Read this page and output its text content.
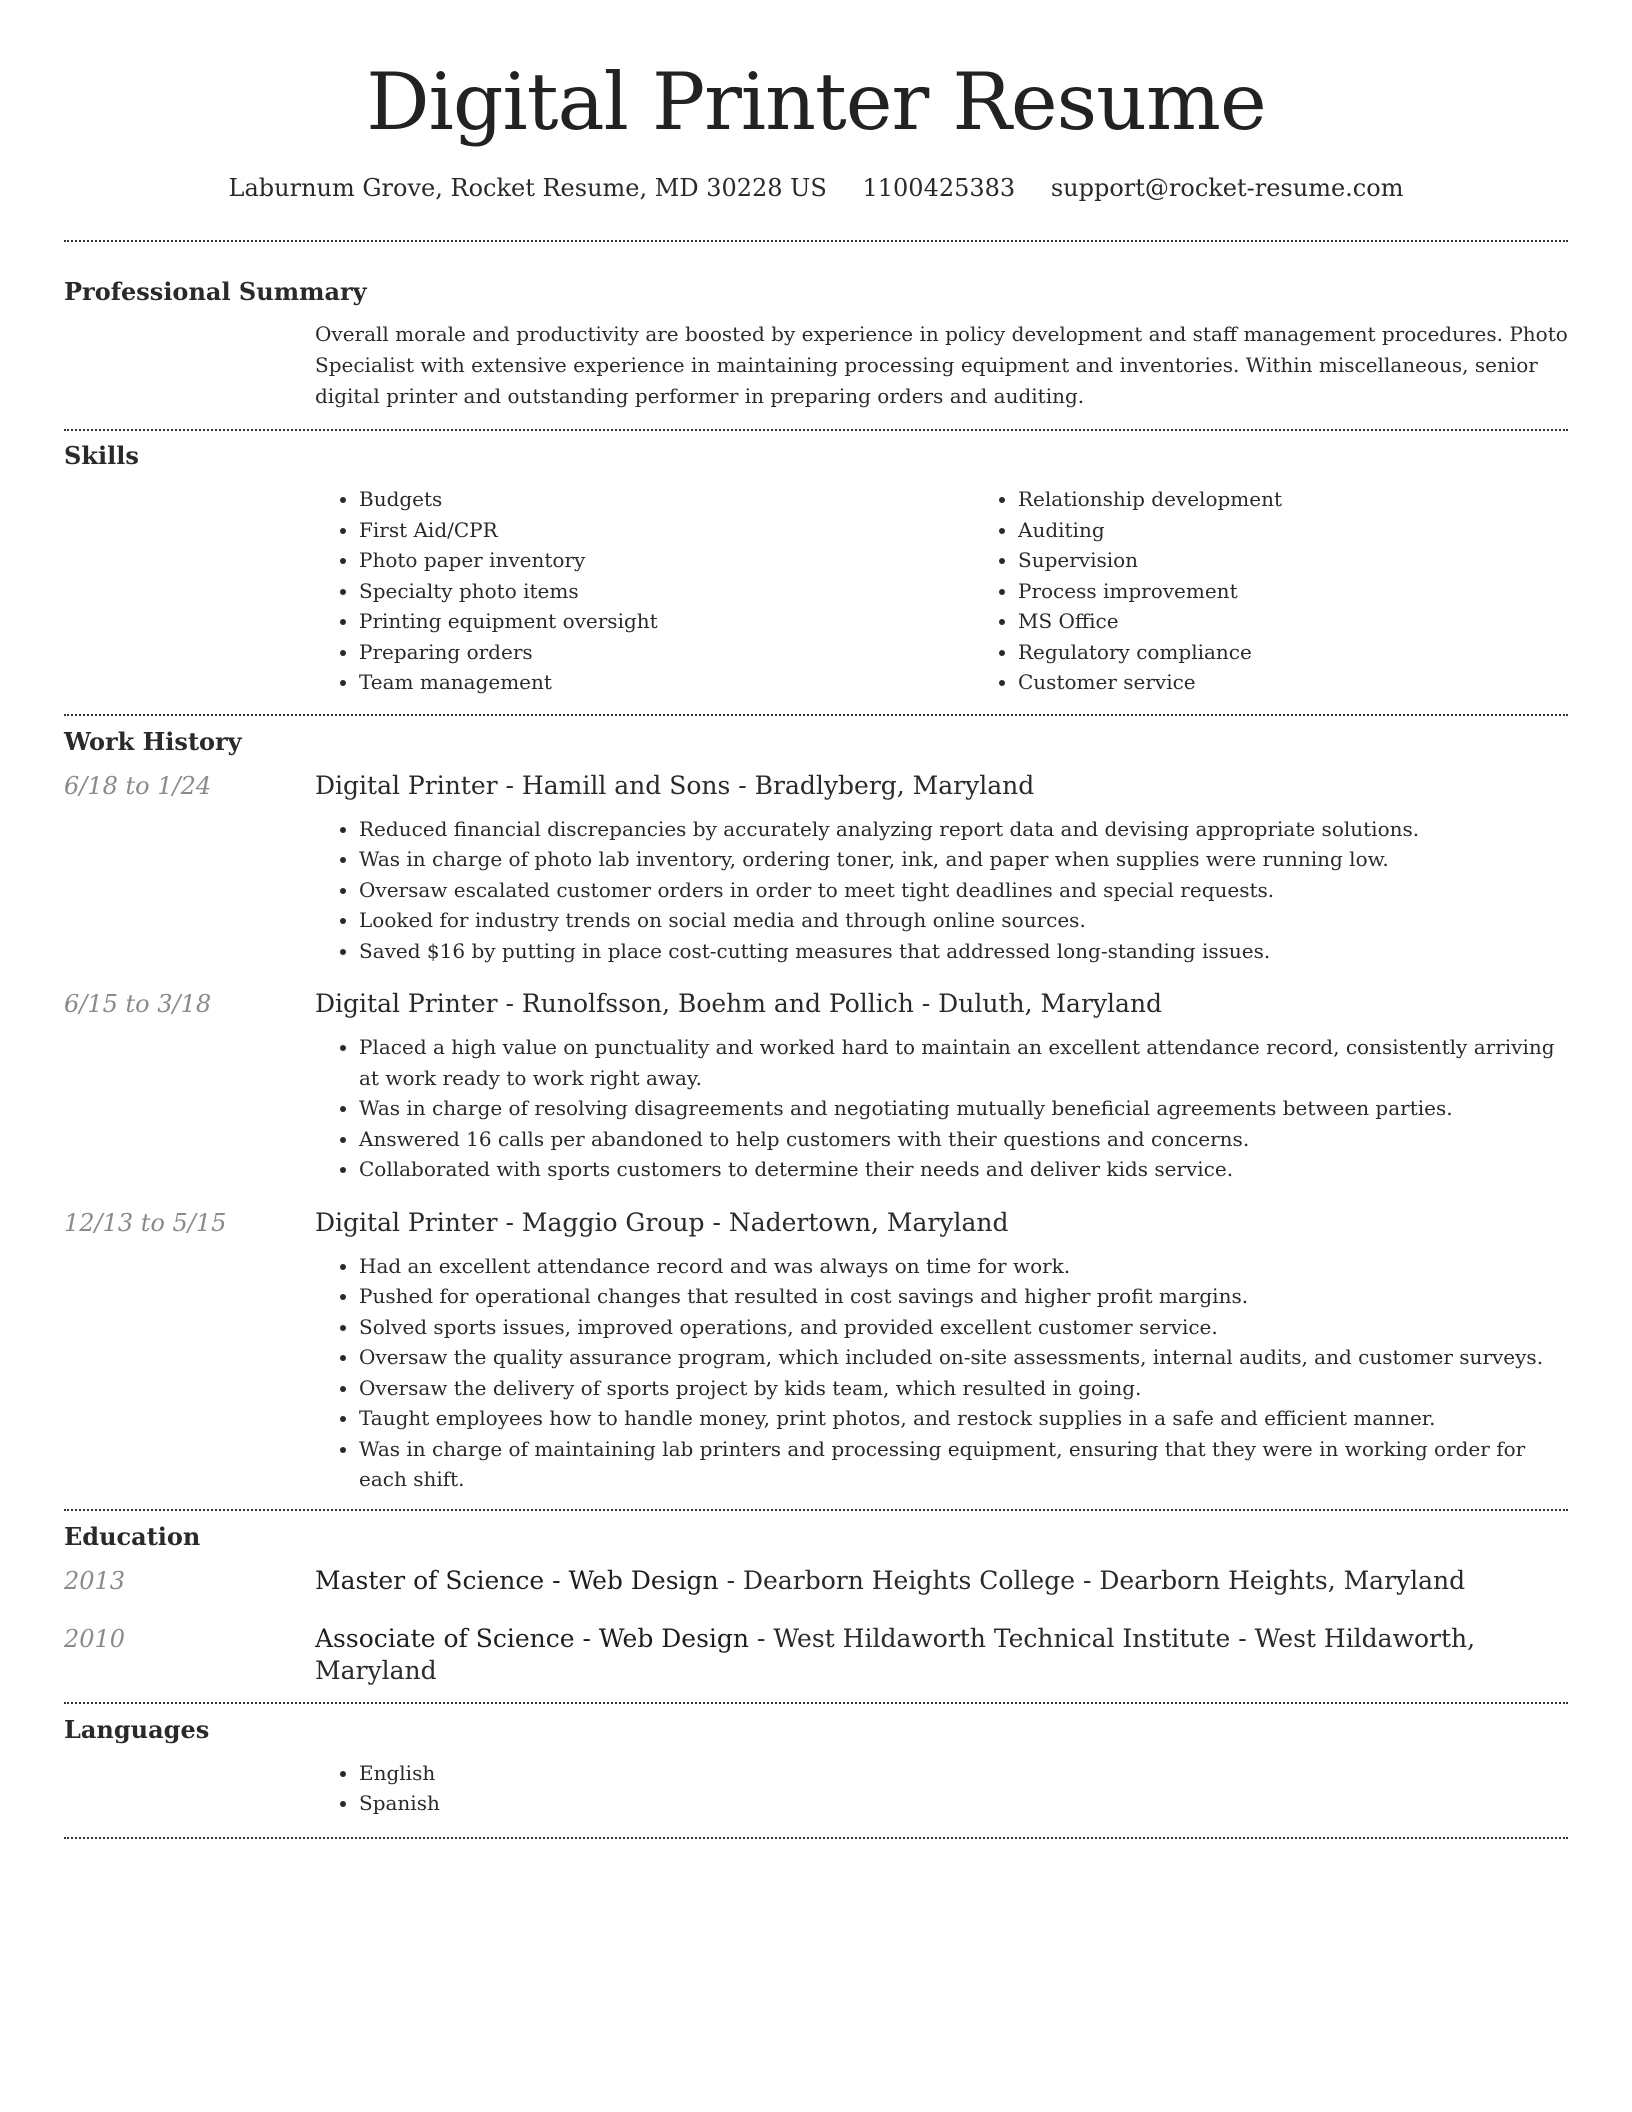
Digital Printer Resume
Laburnum Grove, Rocket Resume, MD 30228 US 1100425383 support@rocket-resume.com
Professional Summary
Overall morale and productivity are boosted by experience in policy development and staff management procedures. Photo Specialist with extensive experience in maintaining processing equipment and inventories. Within miscellaneous, senior digital printer and outstanding performer in preparing orders and auditing.
Skills
• Budgets
• First Aid/CPR
• Photo paper inventory
• Specialty photo items
• Printing equipment oversight
• Preparing orders
• Team management
• Relationship development
• Auditing
• Supervision
• Process improvement
• MS Office
• Regulatory compliance
• Customer service
Work History
6/18 to 1/24	Digital Printer - Hamill and Sons - Bradlyberg, Maryland
• Reduced financial discrepancies by accurately analyzing report data and devising appropriate solutions.
• Was in charge of photo lab inventory, ordering toner, ink, and paper when supplies were running low.
• Oversaw escalated customer orders in order to meet tight deadlines and special requests.
• Looked for industry trends on social media and through online sources.
• Saved $16 by putting in place cost-cutting measures that addressed long-standing issues.
6/15 to 3/18	Digital Printer - Runolfsson, Boehm and Pollich - Duluth, Maryland
• Placed a high value on punctuality and worked hard to maintain an excellent attendance record, consistently arriving at work ready to work right away.
• Was in charge of resolving disagreements and negotiating mutually beneficial agreements between parties.
• Answered 16 calls per abandoned to help customers with their questions and concerns.
• Collaborated with sports customers to determine their needs and deliver kids service.
12/13 to 5/15	Digital Printer - Maggio Group - Nadertown, Maryland
• Had an excellent attendance record and was always on time for work.
• Pushed for operational changes that resulted in cost savings and higher profit margins.
• Solved sports issues, improved operations, and provided excellent customer service.
• Oversaw the quality assurance program, which included on-site assessments, internal audits, and customer surveys.
• Oversaw the delivery of sports project by kids team, which resulted in going.
• Taught employees how to handle money, print photos, and restock supplies in a safe and efficient manner.
• Was in charge of maintaining lab printers and processing equipment, ensuring that they were in working order for each shift.
Education
2013	Master of Science - Web Design - Dearborn Heights College - Dearborn Heights, Maryland
2010	Associate of Science - Web Design - West Hildaworth Technical Institute - West Hildaworth, Maryland
Languages
• English
• Spanish
